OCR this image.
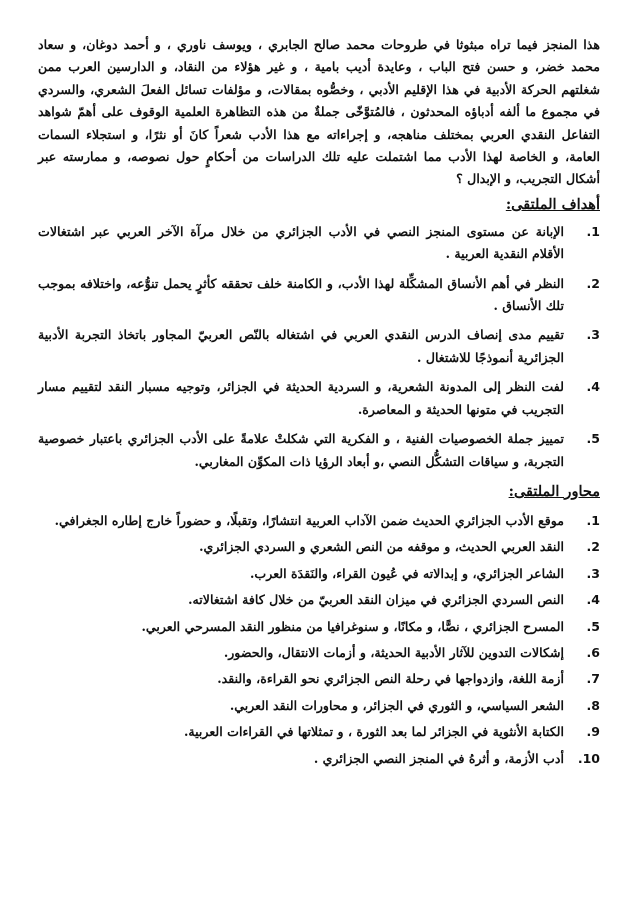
هذا المنجز فيما تراه مبثوثا في طروحات محمد صالح الجابري ، ويوسف ناوري ، و أحمد دوغان، و سعاد محمد خضر، و حسن فتح الباب ، وعايدة أديب بامية ، و غير هؤلاء من النقاد، و الدارسين العرب ممن شغلتهم الحركة الأدبية في هذا الإقليم الأدبي ، وخصُّوه بمقالات، و مؤلفات تسائل الفعلَ الشعري، والسردي في مجموع ما ألفه أدباؤه المحدثون ، فالمُتوَّخّى جملةٌ من هذه التظاهرة العلمية الوقوف على أهمّ شواهد التفاعل النقدي العربي بمختلف مناهجه، و إجراءاته مع هذا الأدب شعراً كانَ أو نثرًا، و استجلاء السمات العامة، و الخاصة لهذا الأدب مما اشتملت عليه تلك الدراسات من أحكامٍ حول نصوصه، و ممارسته عبر أشكال التجريب، و الإبدال ؟

أهداف الملتقى:
1.
الإبانة عن مستوى المنجز النصي في الأدب الجزائري من خلال مرآة الآخر العربي عبر اشتغالات الأقلام النقدية العربية .
2.
النظر في أهم الأنساق المشكِّلة لهذا الأدب، و الكامنة خلف تحققه كأثرٍ يحمل تنوُّعه، واختلافه بموجب تلك الأنساق .
3.
تقييم مدى إنصاف الدرس النقدي العربي في اشتغاله بالنّص العربيّ المجاور باتخاذ التجربة الأدبية الجزائرية أنموذجًا للاشتغال .
4.
لفت النظر إلى المدونة الشعرية، و السردية الحديثة في الجزائر، وتوجيه مسبار النقد لتقييم مسار التجريب في متونها الحديثة و المعاصرة.
5.
تمييز جملة الخصوصيات الفنية ، و الفكرية التي شكلتْ علامةً على الأدب الجزائري باعتبار خصوصية التجربة، و سياقات التشكُّل النصي ،و أبعاد الرؤيا ذات المكوِّن المغاربي.
محاور الملتقى:
1.
موقع الأدب الجزائري الحديث ضمن الآداب العربية انتشارًا، وتقبلًا، و حضوراً خارج إطاره الجغرافي.
2.
النقد العربي الحديث، و موقفه من النص الشعري و السردي الجزائري.
3.
الشاعر الجزائري، و إبدالاته في عُيون القراء، والنَقدَة العرب.
4.
النص السردي الجزائري في ميزان النقد العربيّ من خلال كافة اشتغالاته.
5.
المسرح الجزائري ، نصًّا، و مكانًا، و سنوغرافيا من منظور النقد المسرحي العربي.
6.
إشكالات التدوين للآثار الأدبية الحديثة، و أزمات الانتقال، والحضور.
7.
أزمة اللغة، وازدواجها في رحلة النص الجزائري نحو القراءة، والنقد.
8.
الشعر السياسي، و الثوري في الجزائر، و محاورات النقد العربي.
9.
الكتابة الأنثوية في الجزائر لما بعد الثورة ، و تمثلاتها في القراءات العربية.
10.
أدب الأزمة، و أثرهُ في المنجز النصي الجزائري .
